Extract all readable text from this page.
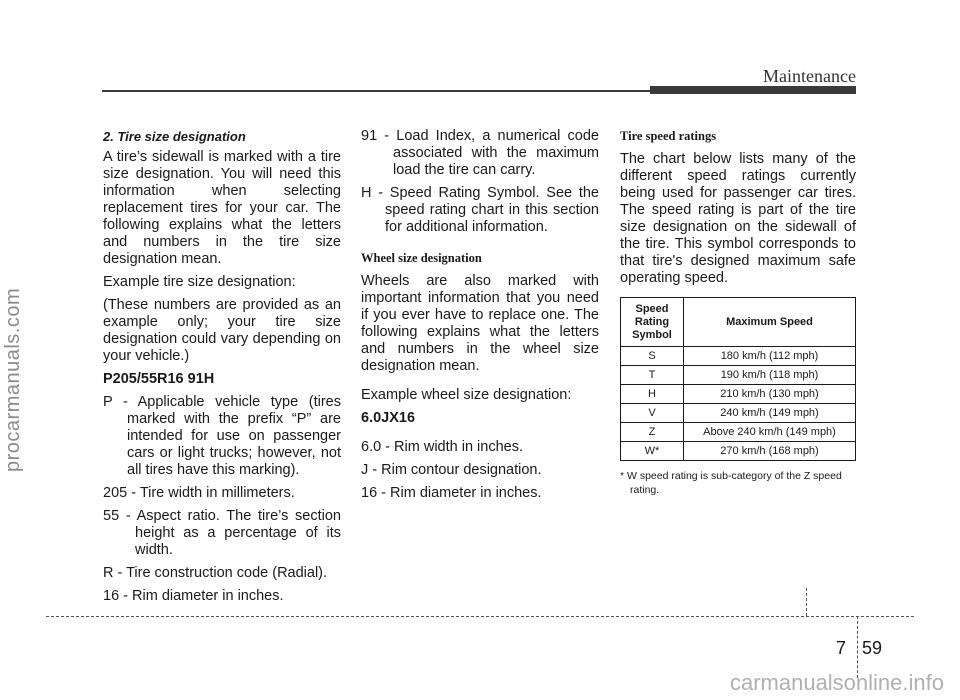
procarmanuals.com
Maintenance

2. Tire size designation

A tire’s sidewall is marked with a tire size designation. You will need this information when selecting replacement tires for your car. The following explains what the letters and numbers in the tire size designation mean.

Example tire size designation:

(These numbers are provided as an example only; your tire size designation could vary depending on your vehicle.)

P205/55R16 91H

P - Applicable vehicle type (tires marked with the prefix “P” are intended for use on passenger cars or light trucks; however, not all tires have this marking).

205 - Tire width in millimeters.

55 - Aspect ratio. The tire’s section height as a percentage of its width.

R - Tire construction code (Radial).

16 - Rim diameter in inches.

91 - Load Index, a numerical code associated with the maximum load the tire can carry.

H - Speed Rating Symbol. See the speed rating chart in this section for additional information.

Wheel size designation

Wheels are also marked with important information that you need if you ever have to replace one. The following explains what the letters and numbers in the wheel size designation mean.

Example wheel size designation:

6.0JX16

6.0 - Rim width in inches.

J - Rim contour designation.

16 - Rim diameter in inches.

Tire speed ratings

The chart below lists many of the different speed ratings currently being used for passenger car tires. The speed rating is part of the tire size designation on the sidewall of the tire. This symbol corresponds to that tire's designed maximum safe operating speed.

Speed Rating Symbol	Maximum Speed
S	180 km/h (112 mph)
T	190 km/h (118 mph)
H	210 km/h (130 mph)
V	240 km/h (149 mph)
Z	Above 240 km/h (149 mph)
W*	270 km/h (168 mph)
* W speed rating is sub-category of the Z speed rating.
7 59
carmanualsonline.info
